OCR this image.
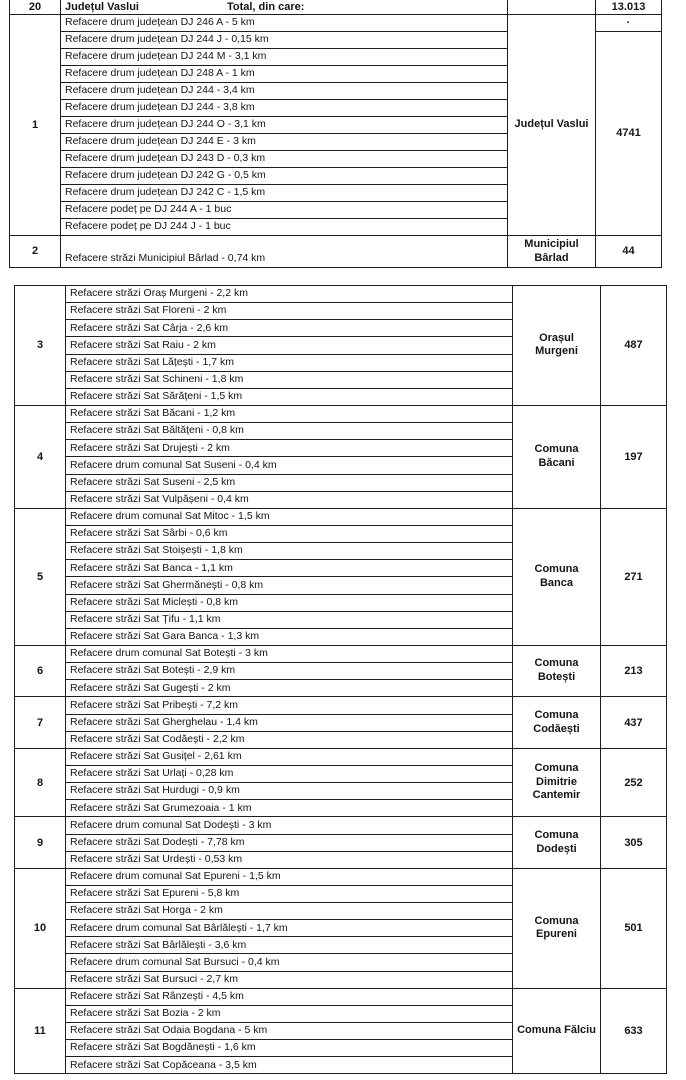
20	Județul Vaslui Total, din care:		13.013
1	Refacere drum județean DJ 246 A - 5 km	Județul Vaslui	·
	Refacere drum județean DJ 244 J - 0,15 km		4741
	Refacere drum județean DJ 244 M - 3,1 km		
	Refacere drum județean DJ 248 A - 1 km		
	Refacere drum județean DJ 244 - 3,4 km		
	Refacere drum județean DJ 244 - 3,8 km		
	Refacere drum județean DJ 244 O - 3,1 km		
	Refacere drum județean DJ 244 E - 3 km		
	Refacere drum județean DJ 243 D - 0,3 km		
	Refacere drum județean DJ 242 G - 0,5 km		
	Refacere drum județean DJ 242 C - 1,5 km		
	Refacere podeț pe DJ 244 A - 1 buc		
	Refacere podeț pe DJ 244 J - 1 buc		
2	Refacere străzi Municipiul Bârlad - 0,74 km	Municipiul Bârlad	44
3	Refacere străzi Oraș Murgeni - 2,2 km	Orașul Murgeni	487
	Refacere străzi Sat Floreni - 2 km		
	Refacere străzi Sat Cârja - 2,6 km		
	Refacere străzi Sat Raiu - 2 km		
	Refacere străzi Sat Lățești - 1,7 km		
	Refacere străzi Sat Schineni - 1,8 km		
	Refacere străzi Sat Sărățeni - 1,5 km		
4	Refacere străzi Sat Băcani - 1,2 km	Comuna Băcani	197
	Refacere străzi Sat Băltățeni - 0,8 km		
	Refacere străzi Sat Drujești - 2 km		
	Refacere drum comunal Sat Suseni - 0,4 km		
	Refacere străzi Sat Suseni - 2,5 km		
	Refacere străzi Sat Vulpășeni - 0,4 km		
5	Refacere drum comunal Sat Mitoc - 1,5 km	Comuna Banca	271
	Refacere străzi Sat Sârbi - 0,6 km		
	Refacere străzi Sat Stoișești - 1,8 km		
	Refacere străzi Sat Banca - 1,1 km		
	Refacere străzi Sat Ghermănești - 0,8 km		
	Refacere străzi Sat Miclești - 0,8 km		
	Refacere străzi Sat Țifu - 1,1 km		
	Refacere străzi Sat Gara Banca - 1,3 km		
6	Refacere drum comunal Sat Botești - 3 km	Comuna Botești	213
	Refacere străzi Sat Botești - 2,9 km		
	Refacere străzi Sat Gugești - 2 km		
7	Refacere străzi Sat Pribești - 7,2 km	Comuna Codăești	437
	Refacere străzi Sat Gherghelau - 1,4 km		
	Refacere străzi Sat Codăești - 2,2 km		
8	Refacere străzi Sat Gusițel - 2,61 km	Comuna Dimitrie Cantemir	252
	Refacere străzi Sat Urlați - 0,28 km		
	Refacere străzi Sat Hurdugi - 0,9 km		
	Refacere străzi Sat Grumezoaia - 1 km		
9	Refacere drum comunal Sat Dodești - 3 km	Comuna Dodești	305
	Refacere străzi Sat Dodești - 7,78 km		
	Refacere străzi Sat Urdești - 0,53 km		
10	Refacere drum comunal Sat Epureni - 1,5 km	Comuna Epureni	501
	Refacere străzi Sat Epureni - 5,8 km		
	Refacere străzi Sat Horga - 2 km		
	Refacere drum comunal Sat Bârlălești - 1,7 km		
	Refacere străzi Sat Bârlălești - 3,6 km		
	Refacere drum comunal Sat Bursuci - 0,4 km		
	Refacere străzi Sat Bursuci - 2,7 km		
11	Refacere străzi Sat Rânzești - 4,5 km	Comuna Fălciu	633
	Refacere străzi Sat Bozia - 2 km		
	Refacere străzi Sat Odaia Bogdana - 5 km		
	Refacere străzi Sat Bogdănești - 1,6 km		
	Refacere străzi Sat Copăceana - 3,5 km		
